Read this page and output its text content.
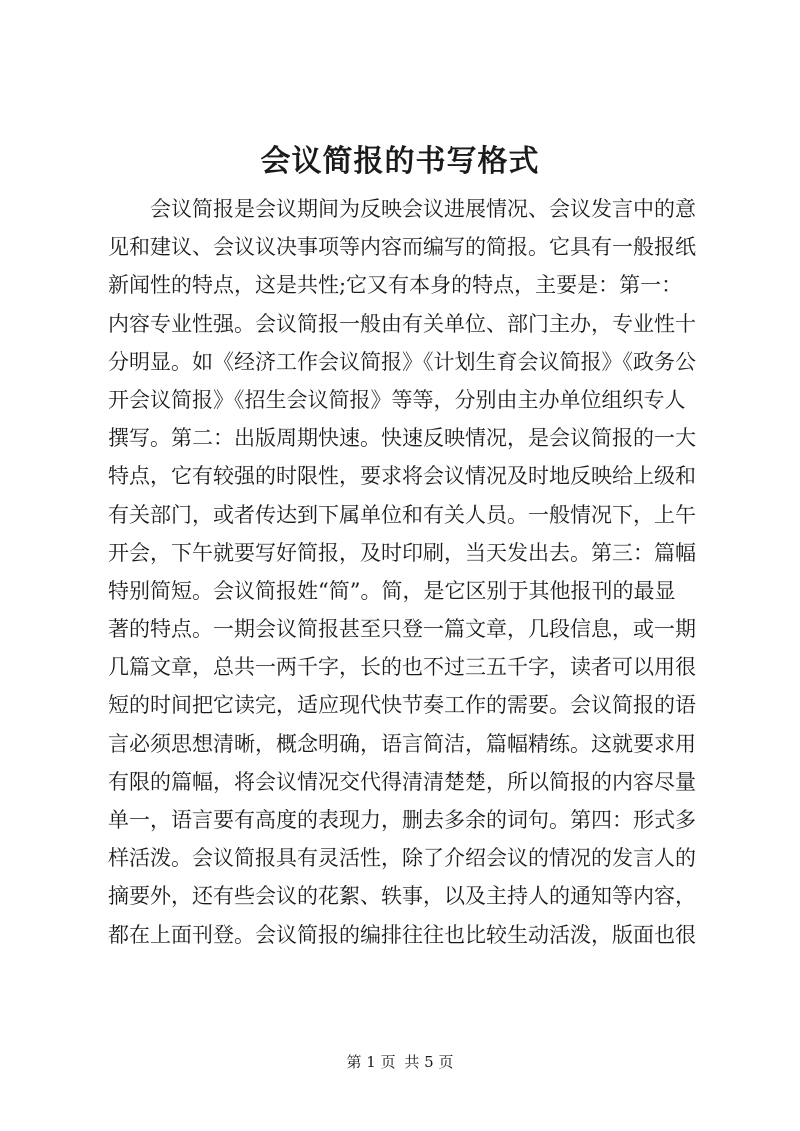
会议简报的书写格式
会议简报是会议期间为反映会议进展情况、会议发言中的意
见和建议、会议议决事项等内容而编写的简报。它具有一般报纸
新闻性的特点，这是共性;它又有本身的特点，主要是：第一：
内容专业性强。会议简报一般由有关单位、部门主办，专业性十
分明显。如《经济工作会议简报》《计划生育会议简报》《政务公
开会议简报》《招生会议简报》等等，分别由主办单位组织专人
撰写。第二：出版周期快速。快速反映情况，是会议简报的一大
特点，它有较强的时限性，要求将会议情况及时地反映给上级和
有关部门，或者传达到下属单位和有关人员。一般情况下，上午
开会，下午就要写好简报，及时印刷，当天发出去。第三：篇幅
特别简短。会议简报姓“简”。简，是它区别于其他报刊的最显
著的特点。一期会议简报甚至只登一篇文章，几段信息，或一期
几篇文章，总共一两千字，长的也不过三五千字，读者可以用很
短的时间把它读完，适应现代快节奏工作的需要。会议简报的语
言必须思想清晰，概念明确，语言简洁，篇幅精练。这就要求用
有限的篇幅，将会议情况交代得清清楚楚，所以简报的内容尽量
单一，语言要有高度的表现力，删去多余的词句。第四：形式多
样活泼。会议简报具有灵活性，除了介绍会议的情况的发言人的
摘要外，还有些会议的花絮、轶事，以及主持人的通知等内容，
都在上面刊登。会议简报的编排往往也比较生动活泼，版面也很
第 1 页 共 5 页
